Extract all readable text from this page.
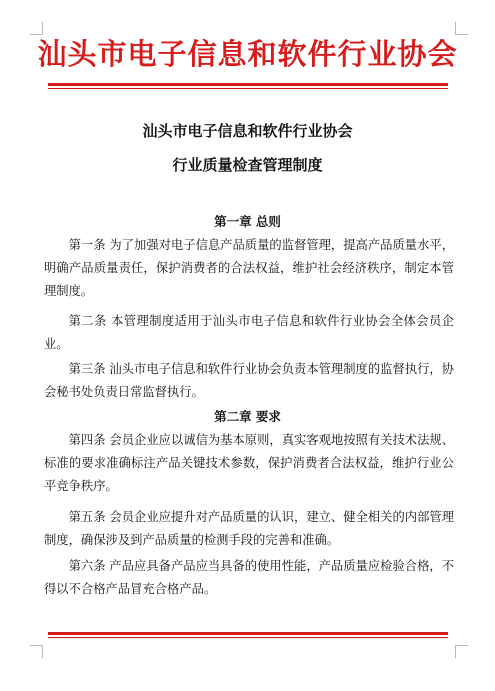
汕头市电子信息和软件行业协会
汕头市电子信息和软件行业协会
行业质量检查管理制度
第一章 总则
第一条 为了加强对电子信息产品质量的监督管理，提高产品质量水平，明确产品质量责任，保护消费者的合法权益，维护社会经济秩序，制定本管理制度。
第二条 本管理制度适用于汕头市电子信息和软件行业协会全体会员企业。
第三条 汕头市电子信息和软件行业协会负责本管理制度的监督执行，协会秘书处负责日常监督执行。
第二章 要求
第四条 会员企业应以诚信为基本原则，真实客观地按照有关技术法规、标准的要求准确标注产品关键技术参数，保护消费者合法权益，维护行业公平竞争秩序。
第五条 会员企业应提升对产品质量的认识，建立、健全相关的内部管理制度，确保涉及到产品质量的检测手段的完善和准确。
第六条 产品应具备产品应当具备的使用性能，产品质量应检验合格，不得以不合格产品冒充合格产品。
